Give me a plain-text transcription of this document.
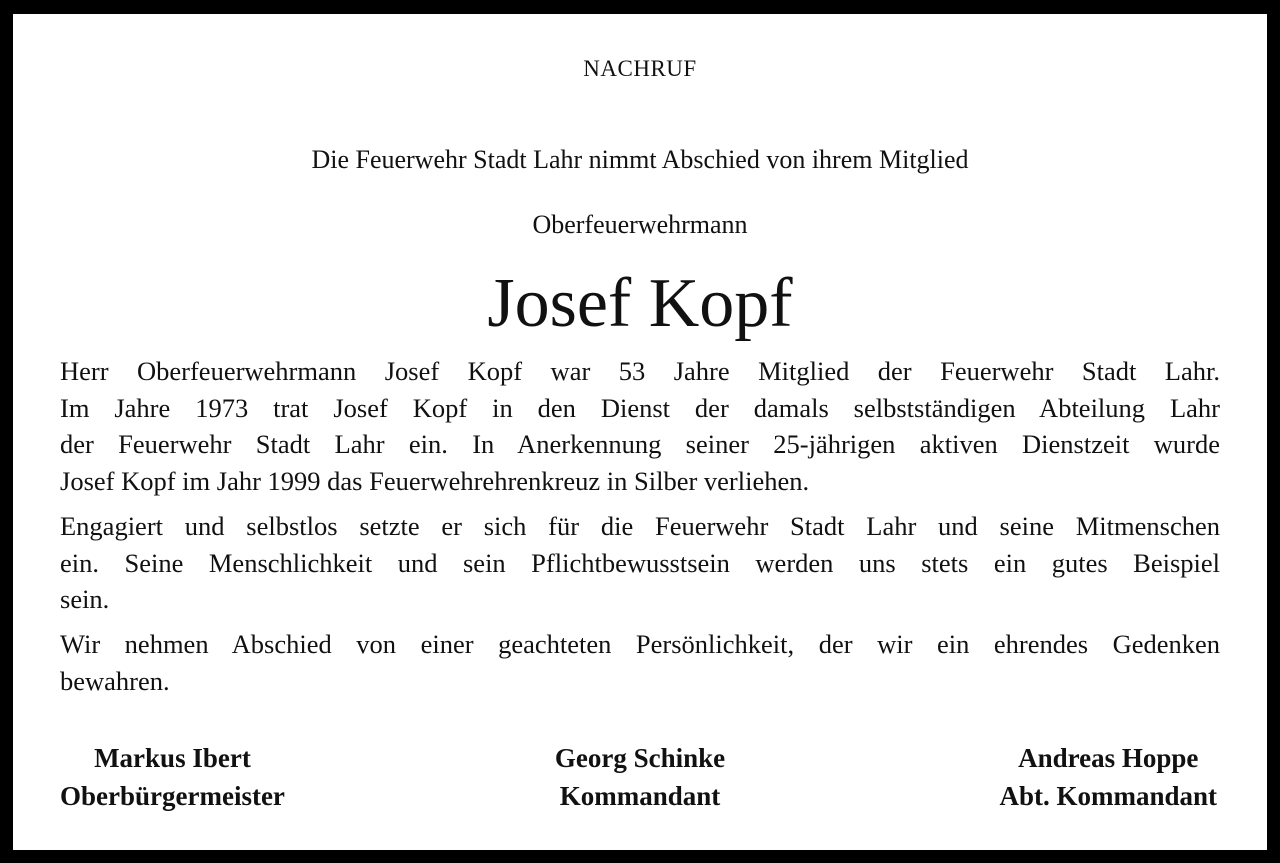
NACHRUF
Die Feuerwehr Stadt Lahr nimmt Abschied von ihrem Mitglied
Oberfeuerwehrmann
Josef Kopf
Herr Oberfeuerwehrmann Josef Kopf war 53 Jahre Mitglied der Feuerwehr Stadt Lahr.
Im Jahre 1973 trat Josef Kopf in den Dienst der damals selbstständigen Abteilung Lahr
der Feuerwehr Stadt Lahr ein. In Anerkennung seiner 25-jährigen aktiven Dienstzeit wurde
Josef Kopf im Jahr 1999 das Feuerwehrehrenkreuz in Silber verliehen.
Engagiert und selbstlos setzte er sich für die Feuerwehr Stadt Lahr und seine Mitmenschen
ein. Seine Menschlichkeit und sein Pflichtbewusstsein werden uns stets ein gutes Beispiel
sein.
Wir nehmen Abschied von einer geachteten Persönlichkeit, der wir ein ehrendes Gedenken
bewahren.
Markus Ibert
Oberbürgermeister
Georg Schinke
Kommandant
Andreas Hoppe
Abt. Kommandant
